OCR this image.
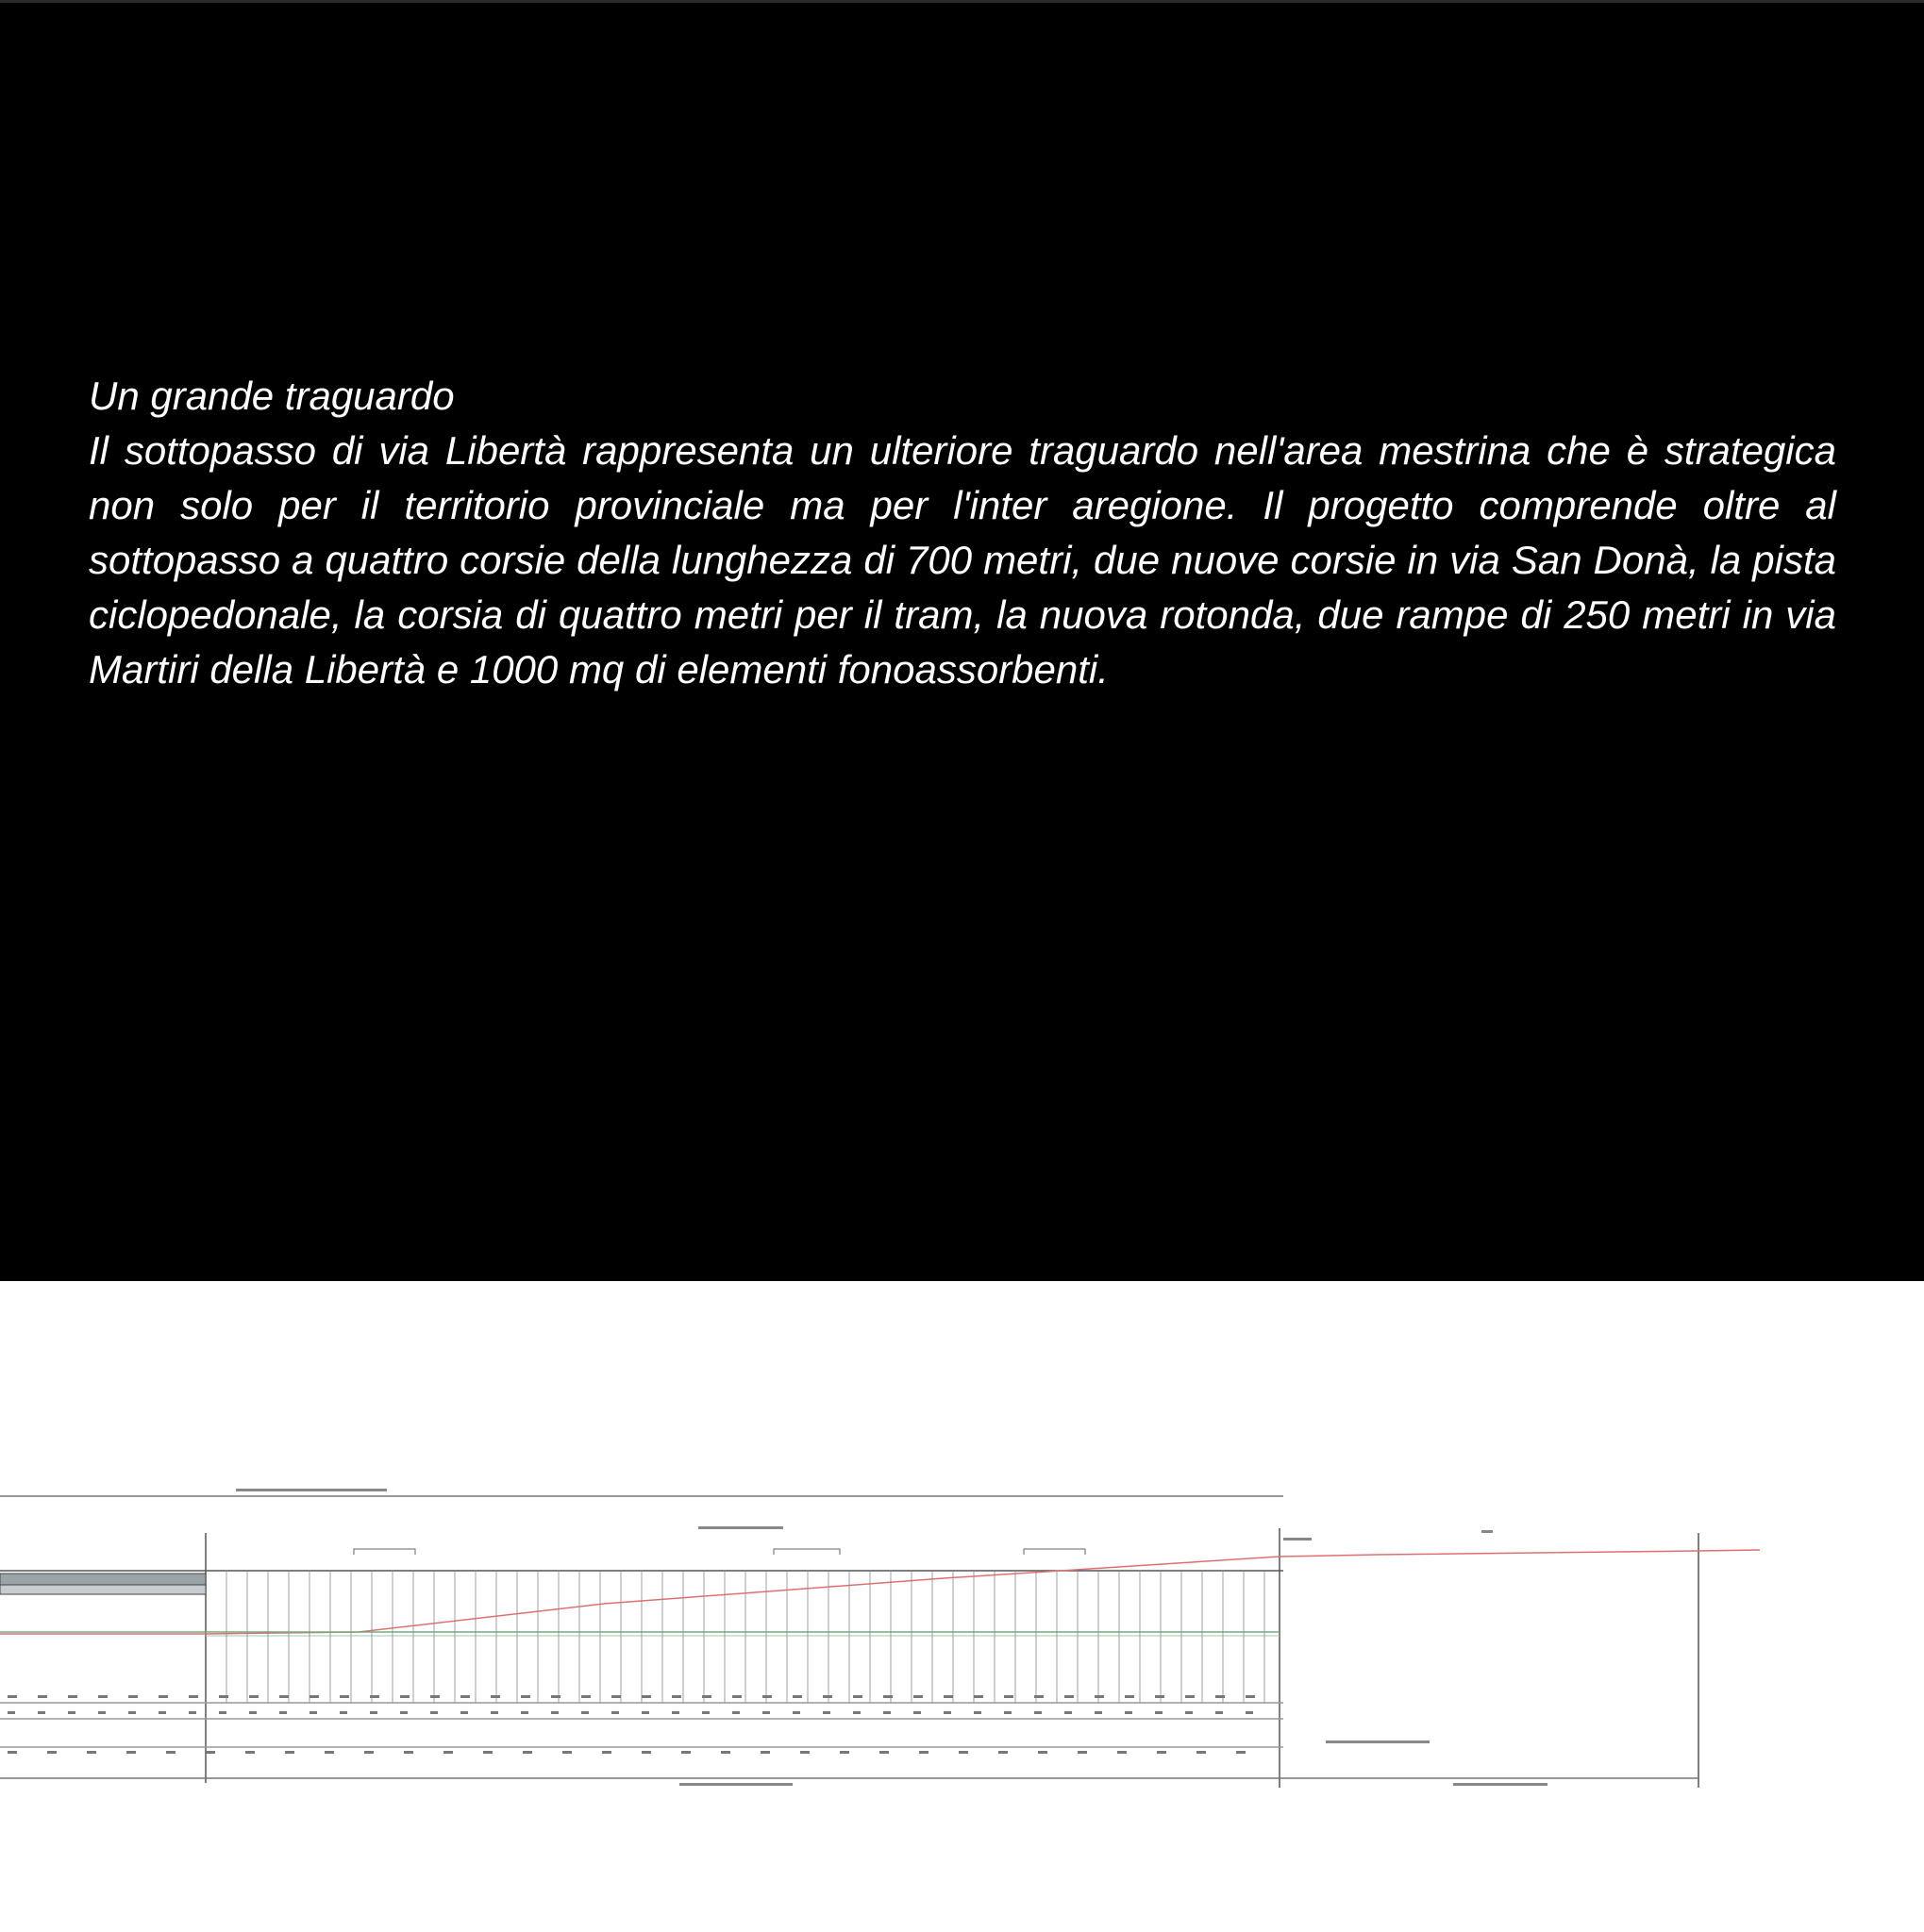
Un grande traguardo

Il sottopasso di via Libertà rappresenta un ulteriore traguardo nell'area mestrina che è strategica non solo per il territorio provinciale ma per l'inter aregione. Il progetto comprende oltre al sottopasso a quattro corsie della lunghezza di 700 metri, due nuove corsie in via San Donà, la pista ciclopedonale, la corsia di quattro metri per il tram, la nuova rotonda, due rampe di 250 metri in via Martiri della Libertà e 1000 mq di elementi fonoassorbenti.
